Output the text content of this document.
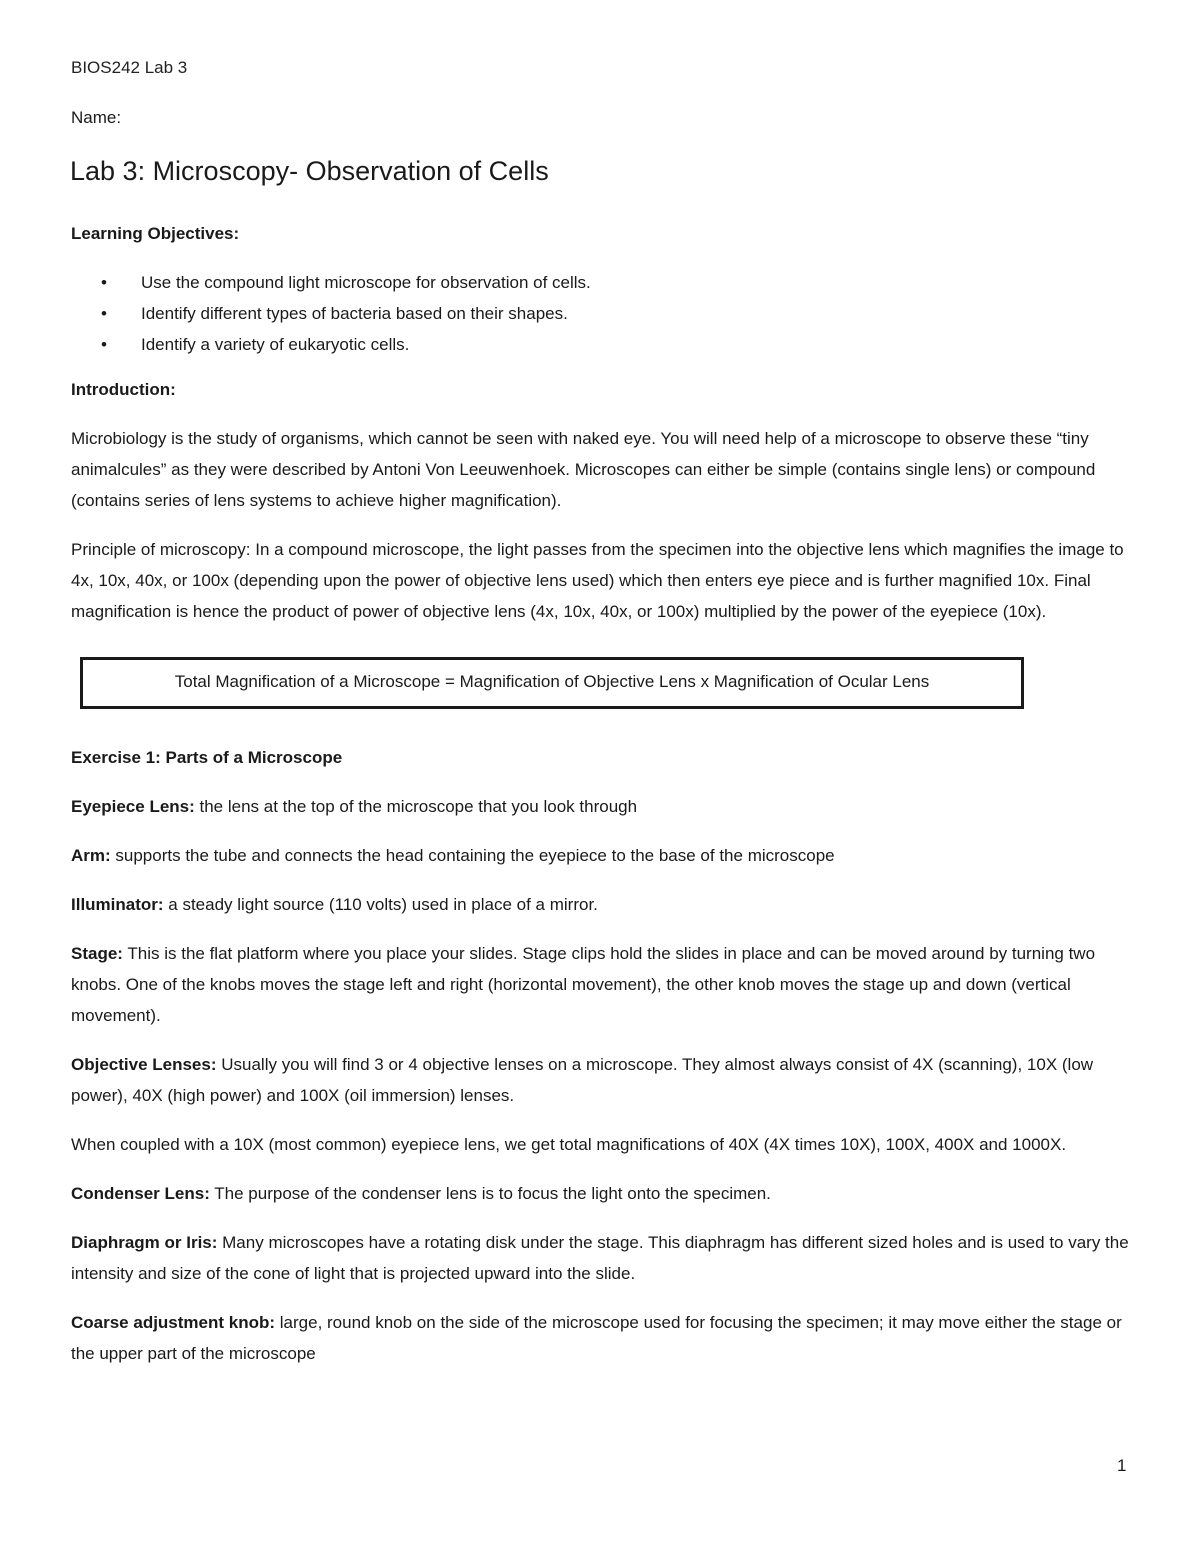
BIOS242 Lab 3
Name:
Lab 3: Microscopy- Observation of Cells

Learning Objectives:

• Use the compound light microscope for observation of cells.
• Identify different types of bacteria based on their shapes.
• Identify a variety of eukaryotic cells.

Introduction:

Microbiology is the study of organisms, which cannot be seen with naked eye. You will need help of a microscope to observe these “tiny animalcules” as they were described by Antoni Von Leeuwenhoek. Microscopes can either be simple (contains single lens) or compound (contains series of lens systems to achieve higher magnification).

Principle of microscopy: In a compound microscope, the light passes from the specimen into the objective lens which magnifies the image to 4x, 10x, 40x, or 100x (depending upon the power of objective lens used) which then enters eye piece and is further magnified 10x. Final magnification is hence the product of power of objective lens (4x, 10x, 40x, or 100x) multiplied by the power of the eyepiece (10x).

Total Magnification of a Microscope = Magnification of Objective Lens x Magnification of Ocular Lens

Exercise 1: Parts of a Microscope

Eyepiece Lens: the lens at the top of the microscope that you look through

Arm: supports the tube and connects the head containing the eyepiece to the base of the microscope

Illuminator: a steady light source (110 volts) used in place of a mirror.

Stage: This is the flat platform where you place your slides. Stage clips hold the slides in place and can be moved around by turning two knobs. One of the knobs moves the stage left and right (horizontal movement), the other knob moves the stage up and down (vertical movement).

Objective Lenses: Usually you will find 3 or 4 objective lenses on a microscope. They almost always consist of 4X (scanning), 10X (low power), 40X (high power) and 100X (oil immersion) lenses.

When coupled with a 10X (most common) eyepiece lens, we get total magnifications of 40X (4X times 10X), 100X, 400X and 1000X.

Condenser Lens: The purpose of the condenser lens is to focus the light onto the specimen.

Diaphragm or Iris: Many microscopes have a rotating disk under the stage. This diaphragm has different sized holes and is used to vary the intensity and size of the cone of light that is projected upward into the slide.

Coarse adjustment knob: large, round knob on the side of the microscope used for focusing the specimen; it may move either the stage or the upper part of the microscope

1
